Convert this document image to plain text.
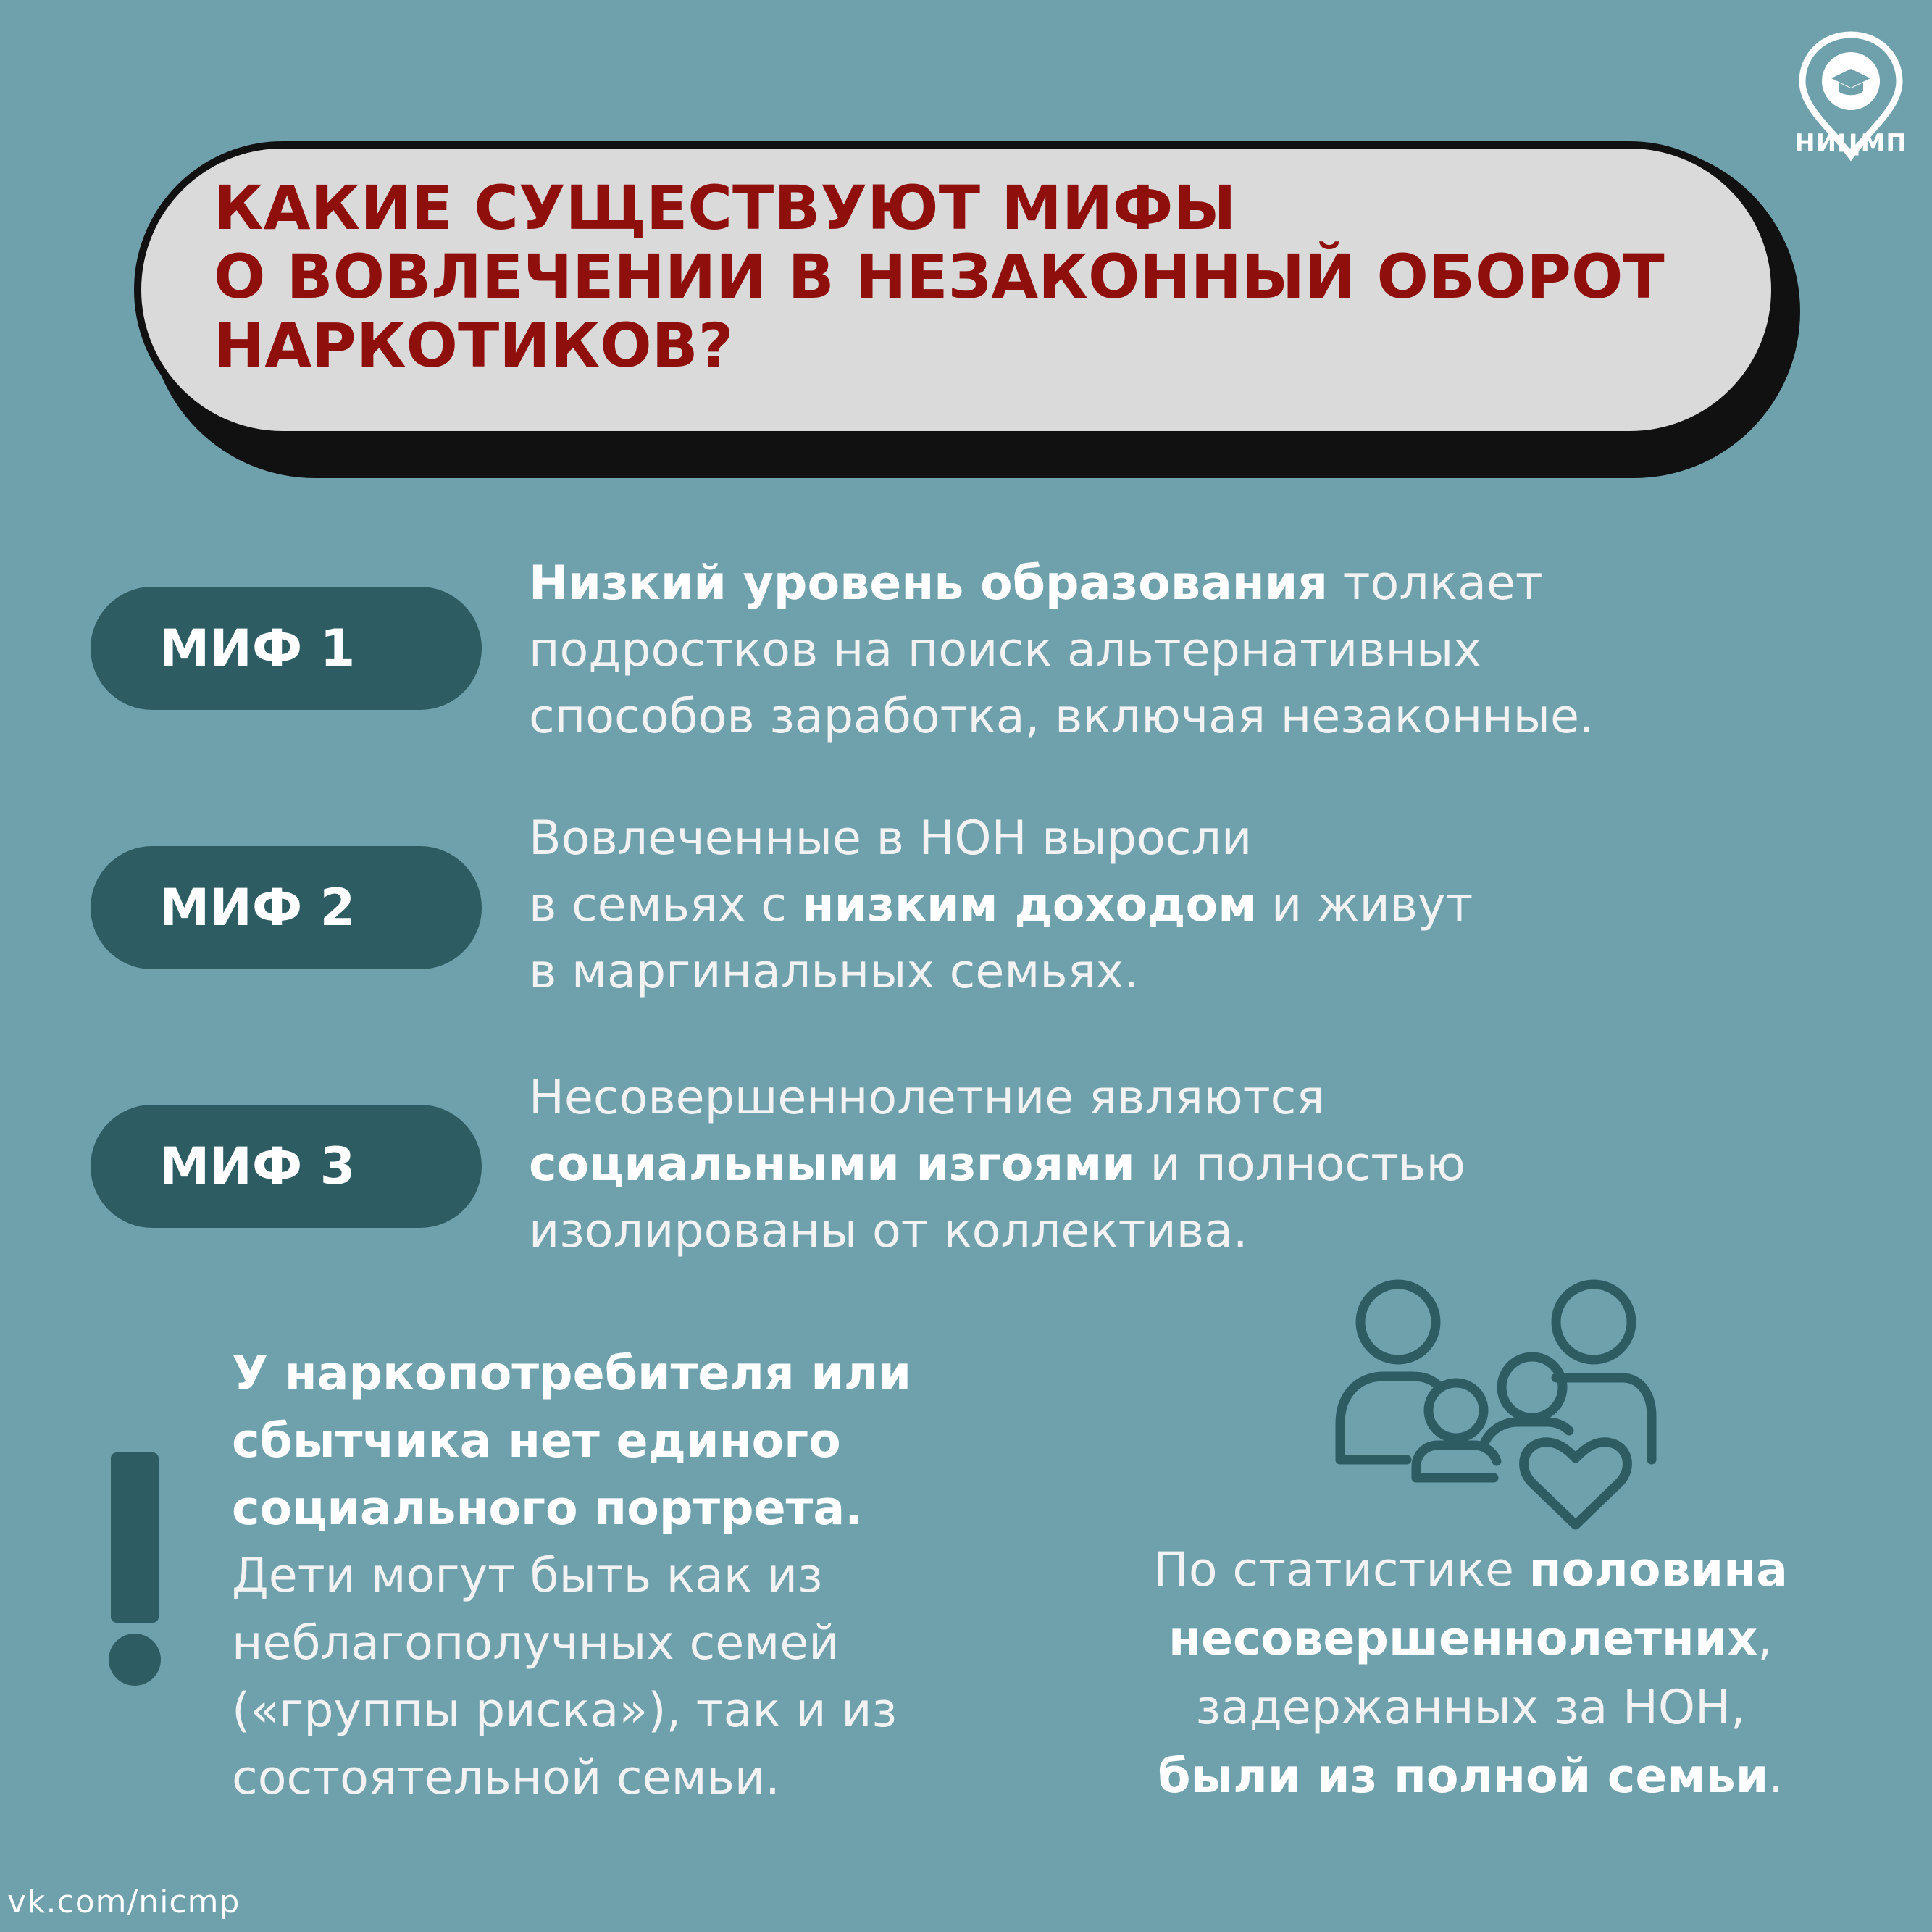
НИЦМП
КАКИЕ СУЩЕСТВУЮТ МИФЫ
О ВОВЛЕЧЕНИИ В НЕЗАКОННЫЙ ОБОРОТ
НАРКОТИКОВ?
МИФ 1
Низкий уровень образования толкает
подростков на поиск альтернативных
способов заработка, включая незаконные.
МИФ 2
Вовлеченные в НОН выросли
в семьях с низким доходом и живут
в маргинальных семьях.
МИФ 3
Несовершеннолетние являются
социальными изгоями и полностью
изолированы от коллектива.
У наркопотребителя или
сбытчика нет единого
социального портрета.
Дети могут быть как из
неблагополучных семей
(«группы риска»), так и из
состоятельной семьи.
По статистике половина
несовершеннолетних,
задержанных за НОН,
были из полной семьи.
vk.com/nicmp
